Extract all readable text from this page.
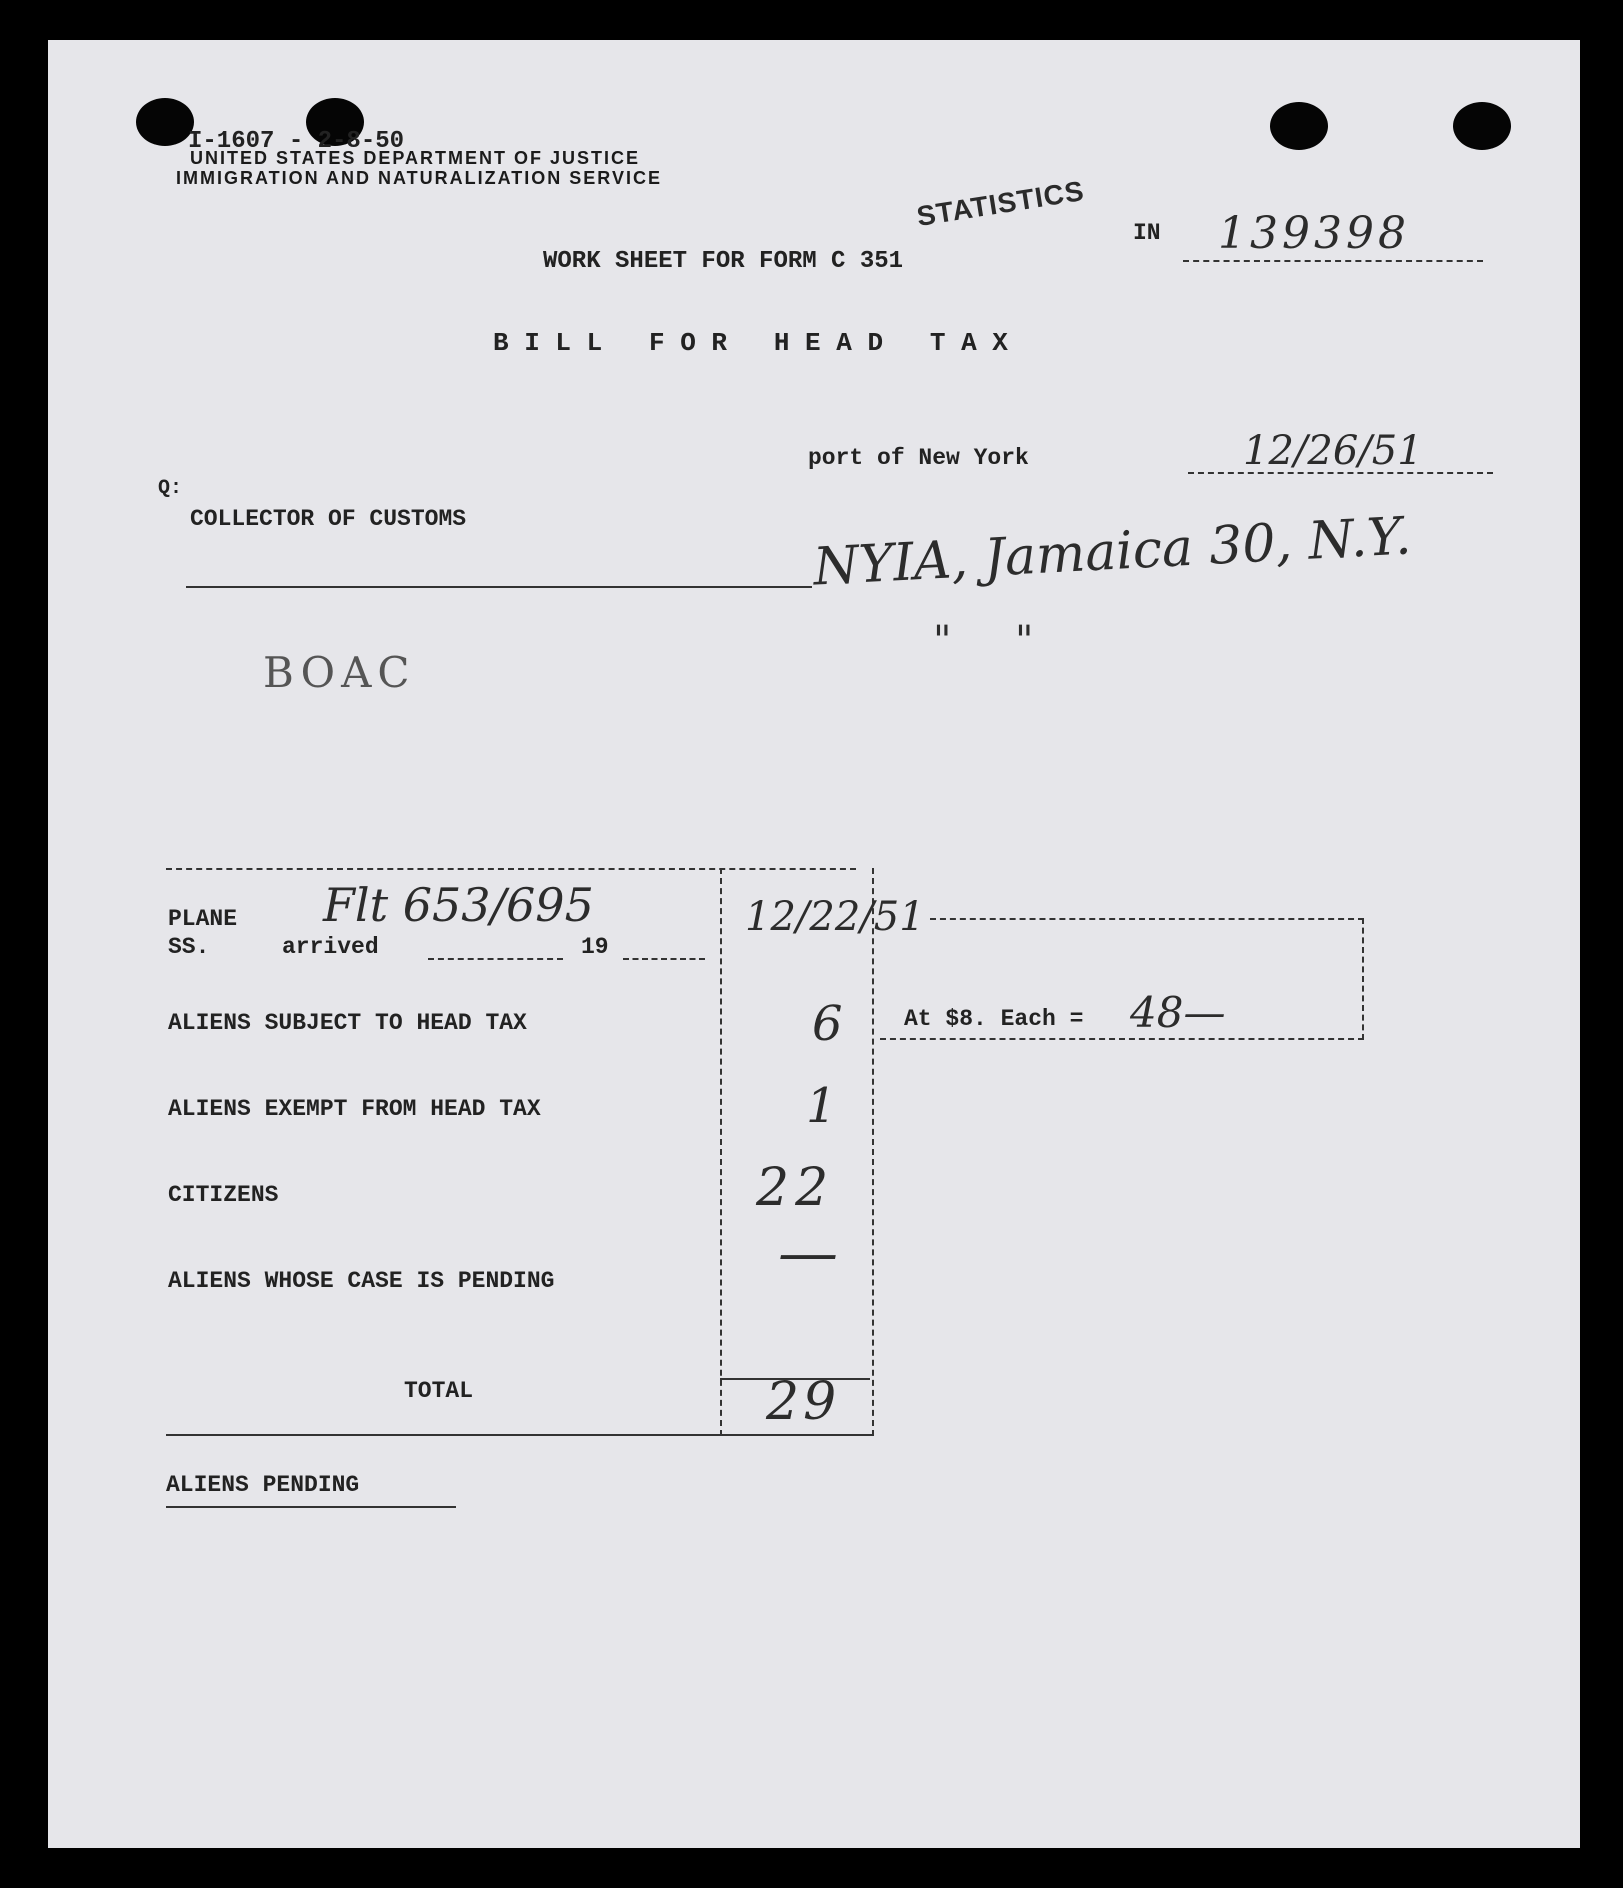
I-1607 - 2-8-50
UNITED STATES DEPARTMENT OF JUSTICE
IMMIGRATION AND NATURALIZATION SERVICE	STATISTICS
IN 139398
WORK SHEET FOR FORM C 351
B I L L   F O R   H E A D   T A X
port of New York	12/26/51
Q:
COLLECTOR OF CUSTOMS	NYIA, Jamaica 30, N.Y.
"     "
BOAC
PLANE Flt 653/695
SS.	arrived	19
12/22/51
ALIENS SUBJECT TO HEAD TAX	6
ALIENS EXEMPT FROM HEAD TAX	1
CITIZENS	22
ALIENS WHOSE CASE IS PENDING	—
TOTAL	29
At $8. Each = 48—
ALIENS PENDING
